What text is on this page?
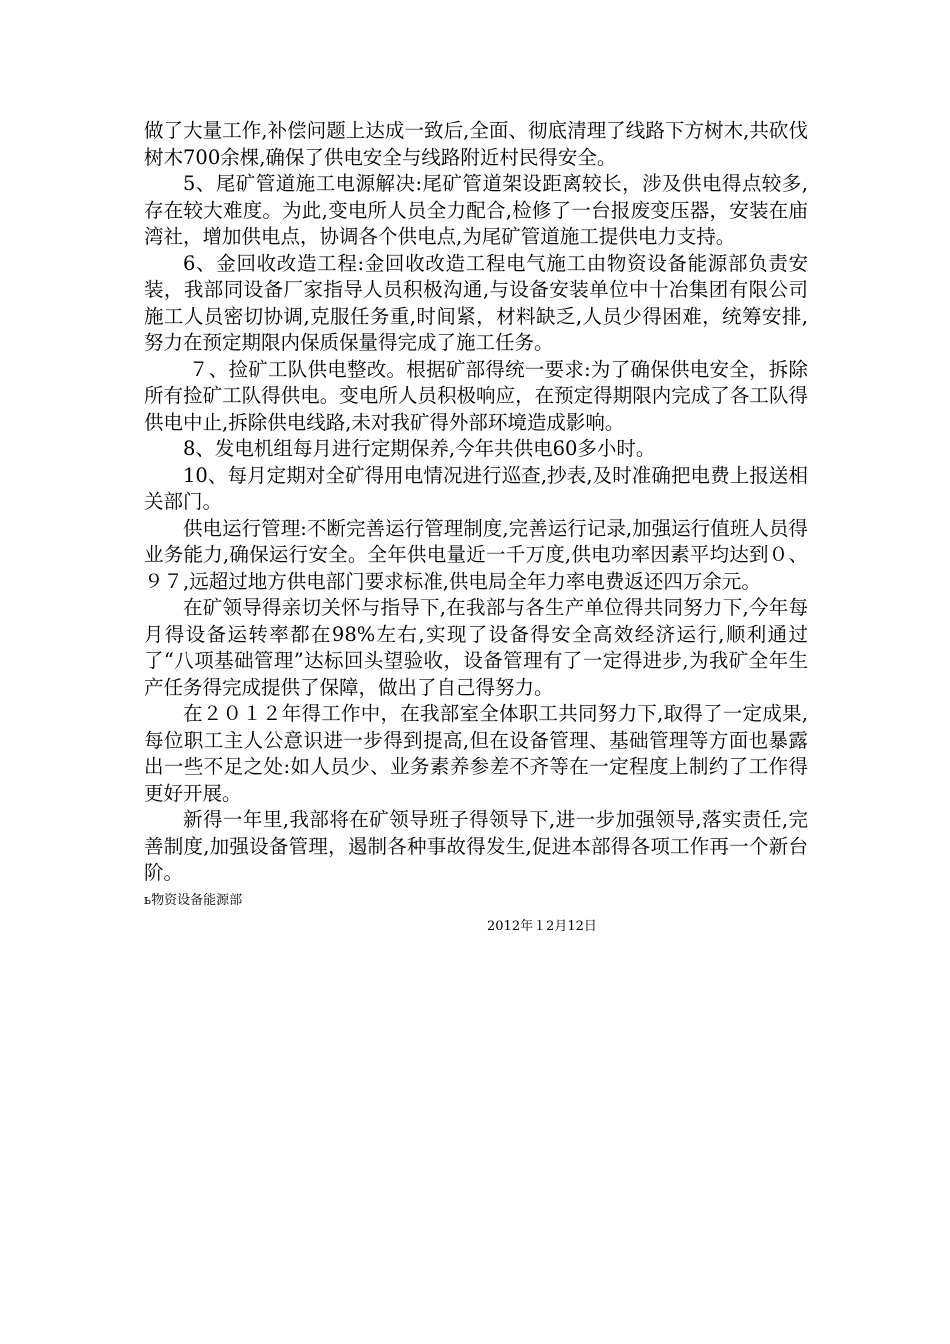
做了大量工作,补偿问题上达成一致后,全面、彻底清理了线路下方树木,共砍伐树木700余棵,确保了供电安全与线路附近村民得安全。

5、尾矿管道施工电源解决:尾矿管道架设距离较长，涉及供电得点较多,存在较大难度。为此,变电所人员全力配合,检修了一台报废变压器，安装在庙湾社，增加供电点，协调各个供电点,为尾矿管道施工提供电力支持。

6、金回收改造工程:金回收改造工程电气施工由物资设备能源部负责安装，我部同设备厂家指导人员积极沟通,与设备安装单位中十冶集团有限公司施工人员密切协调,克服任务重,时间紧，材料缺乏,人员少得困难，统筹安排,努力在预定期限内保质保量得完成了施工任务。

７、捡矿工队供电整改。根据矿部得统一要求:为了确保供电安全，拆除所有捡矿工队得供电。变电所人员积极响应，在预定得期限内完成了各工队得供电中止,拆除供电线路,未对我矿得外部环境造成影响。

8、发电机组每月进行定期保养,今年共供电60多小时。

10、每月定期对全矿得用电情况进行巡查,抄表,及时准确把电费上报送相关部门。

供电运行管理:不断完善运行管理制度,完善运行记录,加强运行值班人员得业务能力,确保运行安全。全年供电量近一千万度,供电功率因素平均达到０、９７,远超过地方供电部门要求标准,供电局全年力率电费返还四万余元。

在矿领导得亲切关怀与指导下,在我部与各生产单位得共同努力下,今年每月得设备运转率都在98%左右,实现了设备得安全高效经济运行,顺利通过了“八项基础管理”达标回头望验收，设备管理有了一定得进步,为我矿全年生产任务得完成提供了保障，做出了自己得努力。

在２０１２年得工作中，在我部室全体职工共同努力下,取得了一定成果,每位职工主人公意识进一步得到提高,但在设备管理、基础管理等方面也暴露出一些不足之处:如人员少、业务素养参差不齐等在一定程度上制约了工作得更好开展。

新得一年里,我部将在矿领导班子得领导下,进一步加强领导,落实责任,完善制度,加强设备管理，遏制各种事故得发生,促进本部得各项工作再一个新台阶。

ь物资设备能源部

2012年１2月12日
